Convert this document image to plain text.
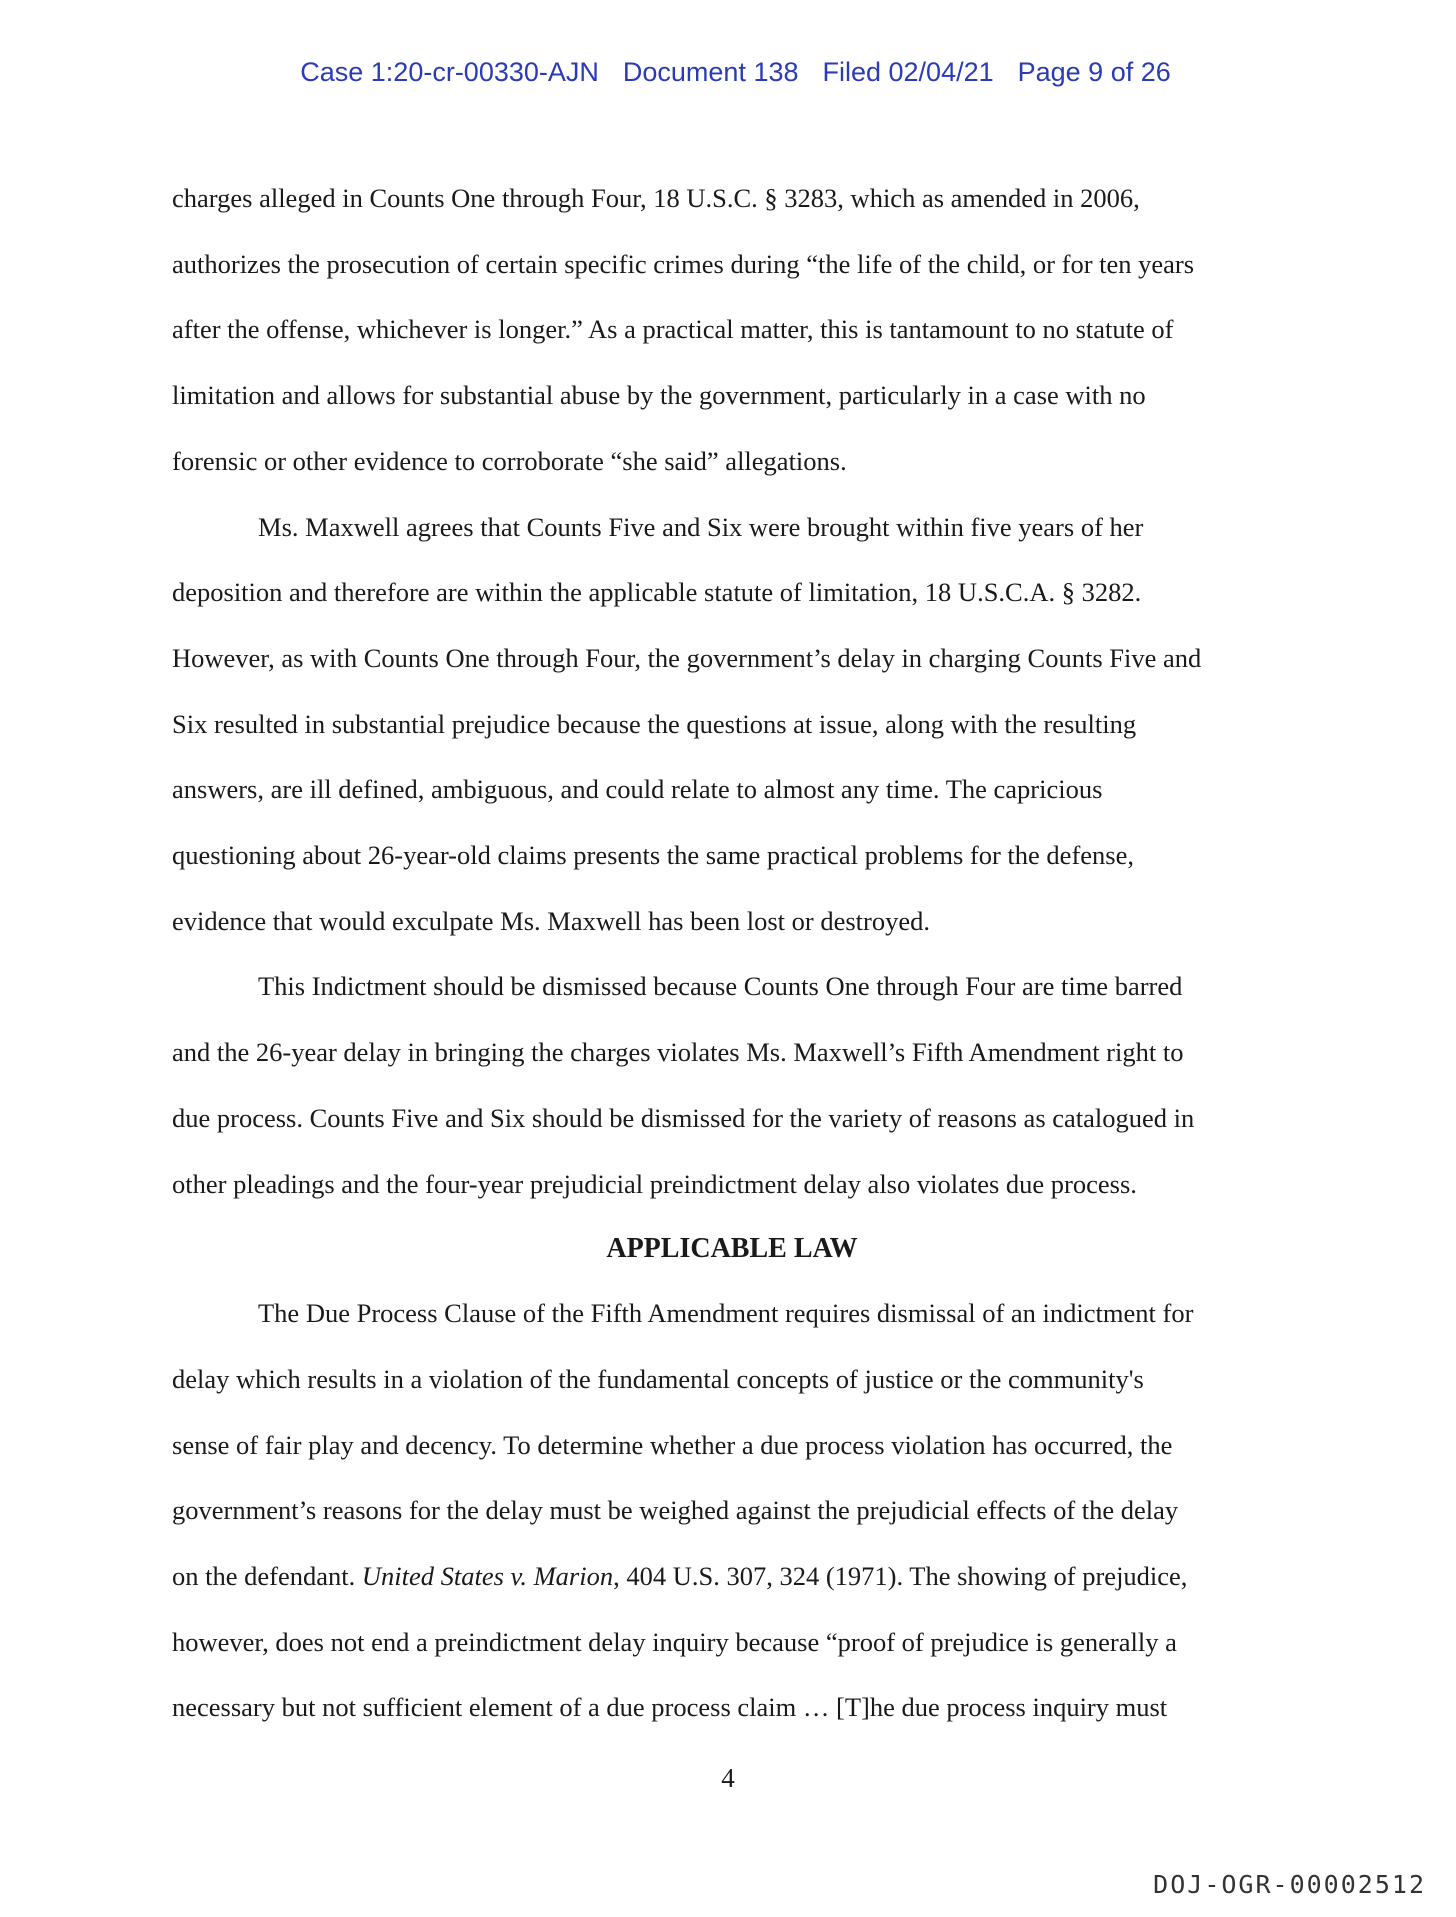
Case 1:20-cr-00330-AJN Document 138 Filed 02/04/21 Page 9 of 26

charges alleged in Counts One through Four, 18 U.S.C. § 3283, which as amended in 2006,
authorizes the prosecution of certain specific crimes during “the life of the child, or for ten years
after the offense, whichever is longer.” As a practical matter, this is tantamount to no statute of
limitation and allows for substantial abuse by the government, particularly in a case with no
forensic or other evidence to corroborate “she said” allegations.

Ms. Maxwell agrees that Counts Five and Six were brought within five years of her
deposition and therefore are within the applicable statute of limitation, 18 U.S.C.A. § 3282.
However, as with Counts One through Four, the government’s delay in charging Counts Five and
Six resulted in substantial prejudice because the questions at issue, along with the resulting
answers, are ill defined, ambiguous, and could relate to almost any time. The capricious
questioning about 26-year-old claims presents the same practical problems for the defense,
evidence that would exculpate Ms. Maxwell has been lost or destroyed.

This Indictment should be dismissed because Counts One through Four are time barred
and the 26-year delay in bringing the charges violates Ms. Maxwell’s Fifth Amendment right to
due process. Counts Five and Six should be dismissed for the variety of reasons as catalogued in
other pleadings and the four-year prejudicial preindictment delay also violates due process.

APPLICABLE LAW

The Due Process Clause of the Fifth Amendment requires dismissal of an indictment for
delay which results in a violation of the fundamental concepts of justice or the community's
sense of fair play and decency. To determine whether a due process violation has occurred, the
government’s reasons for the delay must be weighed against the prejudicial effects of the delay
on the defendant. United States v. Marion, 404 U.S. 307, 324 (1971). The showing of prejudice,
however, does not end a preindictment delay inquiry because “proof of prejudice is generally a
necessary but not sufficient element of a due process claim … [T]he due process inquiry must

4
DOJ-OGR-00002512
